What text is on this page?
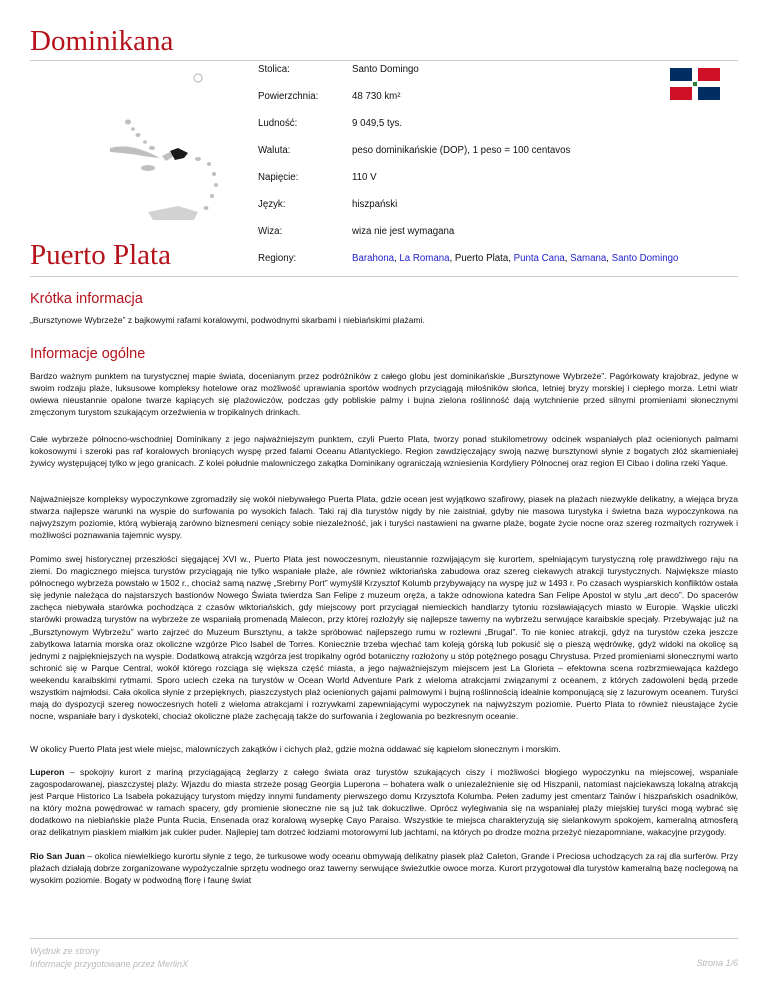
Dominikana
Stolica:	Santo Domingo
Powierzchnia:	48 730 km²
Ludność:	9 049,5 tys.
Waluta:	peso dominikańskie (DOP), 1 peso = 100 centavos
Napięcie:	110 V
Język:	hiszpański
Wiza:	wiza nie jest wymagana
Regiony:	Barahona, La Romana, Puerto Plata, Punta Cana, Samana, Santo Domingo
Puerto Plata
Krótka informacja

„Bursztynowe Wybrzeże” z bajkowymi rafami koralowymi, podwodnymi skarbami i niebiańskimi plażami.

Informacje ogólne

Bardzo ważnym punktem na turystycznej mapie świata, docenianym przez podróżników z całego globu jest dominikańskie „Bursztynowe Wybrzeże”. Pagórkowaty krajobraz, jedyne w swoim rodzaju plaże, luksusowe kompleksy hotelowe oraz możliwość uprawiania sportów wodnych przyciągają miłośników słońca, letniej bryzy morskiej i ciepłego morza. Letni wiatr owiewa nieustannie opalone twarze kąpiących się plażowiczów, podczas gdy pobliskie palmy i bujna zielona roślinność dają wytchnienie przed silnymi promieniami słonecznymi zmęczonym turystom szukającym orzeźwienia w tropikalnych drinkach.

Całe wybrzeże północno-wschodniej Dominikany z jego najważniejszym punktem, czyli Puerto Plata, tworzy ponad stukilometrowy odcinek wspaniałych plaż ocienionych palmami kokosowymi i szeroki pas raf koralowych broniących wyspę przed falami Oceanu Atlantyckiego. Region zawdzięczający swoją nazwę bursztynowi słynie z bogatych złóż skamieniałej żywicy występującej tylko w jego granicach. Z kolei południe malowniczego zakątka Dominikany ograniczają wzniesienia Kordyliery Północnej oraz region El Cibao i dolina rzeki Yaque.

Najważniejsze kompleksy wypoczynkowe zgromadziły się wokół niebywałego Puerta Plata, gdzie ocean jest wyjątkowo szafirowy, piasek na plażach niezwykle delikatny, a wiejąca bryza stwarza najlepsze warunki na wyspie do surfowania po wysokich falach. Taki raj dla turystów nigdy by nie zaistniał, gdyby nie masowa turystyka i świetna baza wypoczynkowa na najwyższym poziomie, którą wybierają zarówno biznesmeni ceniący sobie niezależność, jak i turyści nastawieni na gwarne plaże, bogate życie nocne oraz szereg rozmaitych rozrywek i możliwości poznawania tajemnic wyspy.

Pomimo swej historycznej przeszłości sięgającej XVI w., Puerto Plata jest nowoczesnym, nieustannie rozwijającym się kurortem, spełniającym turystyczną rolę prawdziwego raju na ziemi. Do magicznego miejsca turystów przyciągają nie tylko wspaniałe plaże, ale również wiktoriańska zabudowa oraz szereg ciekawych atrakcji turystycznych. Największe miasto północnego wybrzeża powstało w 1502 r., chociaż samą nazwę „Srebrny Port” wymyślił Krzysztof Kolumb przybywający na wyspę już w 1493 r. Po czasach wyspiarskich konfliktów ostała się jedynie należąca do najstarszych bastionów Nowego Świata twierdza San Felipe z muzeum oręża, a także odnowiona katedra San Felipe Apostol w stylu „art deco”. Do spacerów zachęca niebywała starówka pochodząca z czasów wiktoriańskich, gdy miejscowy port przyciągał niemieckich handlarzy tytoniu rozsławiających miasto w Europie. Wąskie uliczki starówki prowadzą turystów na wybrzeże ze wspaniałą promenadą Malecon, przy której rozłożyły się najlepsze tawerny na wybrzeżu serwujące karaibskie specjały. Przebywając już na „Bursztynowym Wybrzeżu” warto zajrzeć do Muzeum Bursztynu, a także spróbować najlepszego rumu w rozlewni „Brugal”. To nie koniec atrakcji, gdyż na turystów czeka jeszcze zabytkowa latarnia morska oraz okoliczne wzgórze Pico Isabel de Torres. Koniecznie trzeba wjechać tam koleją górską lub pokusić się o pieszą wędrówkę, gdyż widoki na okolicę są jednymi z najpiękniejszych na wyspie. Dodatkową atrakcją wzgórza jest tropikalny ogród botaniczny rozłożony u stóp potężnego posągu Chrystusa. Przed promieniami słonecznymi warto schronić się w Parque Central, wokół którego rozciąga się większa część miasta, a jego najważniejszym miejscem jest La Glorieta – efektowna scena rozbrzmiewająca każdego weekendu karaibskimi rytmami. Sporo uciech czeka na turystów w Ocean World Adventure Park z wieloma atrakcjami związanymi z oceanem, z których zadowoleni będą przede wszystkim najmłodsi. Cała okolica słynie z przepięknych, piaszczystych plaż ocienionych gajami palmowymi i bujną roślinnością idealnie komponującą się z lazurowym oceanem. Turyści mają do dyspozycji szereg nowoczesnych hoteli z wieloma atrakcjami i rozrywkami zapewniającymi wypoczynek na najwyższym poziomie. Puerto Plata to również nieustające życie nocne, wspaniałe bary i dyskoteki, chociaż okoliczne plaże zachęcają także do surfowania i żeglowania po bezkresnym oceanie.

W okolicy Puerto Plata jest wiele miejsc, malowniczych zakątków i cichych plaż, gdzie można oddawać się kąpielom słonecznym i morskim.

Luperon – spokojny kurort z mariną przyciągającą żeglarzy z całego świata oraz turystów szukających ciszy i możliwości błogiego wypoczynku na miejscowej, wspaniale zagospodarowanej, piaszczystej plaży. Wjazdu do miasta strzeże posąg Georgia Luperona – bohatera walk o uniezależnienie się od Hiszpanii, natomiast najciekawszą lokalną atrakcją jest Parque Historico La Isabela pokazujący turystom między innymi fundamenty pierwszego domu Krzysztofa Kolumba. Pełen zadumy jest cmentarz Tainów i hiszpańskich osadników, na który można powędrować w ramach spacery, gdy promienie słoneczne nie są już tak dokuczliwe. Oprócz wylegiwania się na wspaniałej plaży miejskiej turyści mogą wybrać się dodatkowo na niebiańskie plaże Punta Rucia, Ensenada oraz koralową wysepkę Cayo Paraiso. Wszystkie te miejsca charakteryzują się sielankowym spokojem, kameralną atmosferą oraz delikatnym piaskiem miałkim jak cukier puder. Najlepiej tam dotrzeć łodziami motorowymi lub jachtami, na których po drodze można przeżyć niezapomniane, wakacyjne przygody.

Rio San Juan – okolica niewielkiego kurortu słynie z tego, że turkusowe wody oceanu obmywają delikatny piasek plaż Caleton, Grande i Preciosa uchodzących za raj dla surferów. Przy plażach działają dobrze zorganizowane wypożyczalnie sprzętu wodnego oraz tawerny serwujące świeżutkie owoce morza. Kurort przygotował dla turystów kameralną bazę noclegową na wysokim poziomie. Bogaty w podwodną florę i faunę świat

Wydruk ze strony
Informacje przygotowane przez MerlinX	Strona 1/6
